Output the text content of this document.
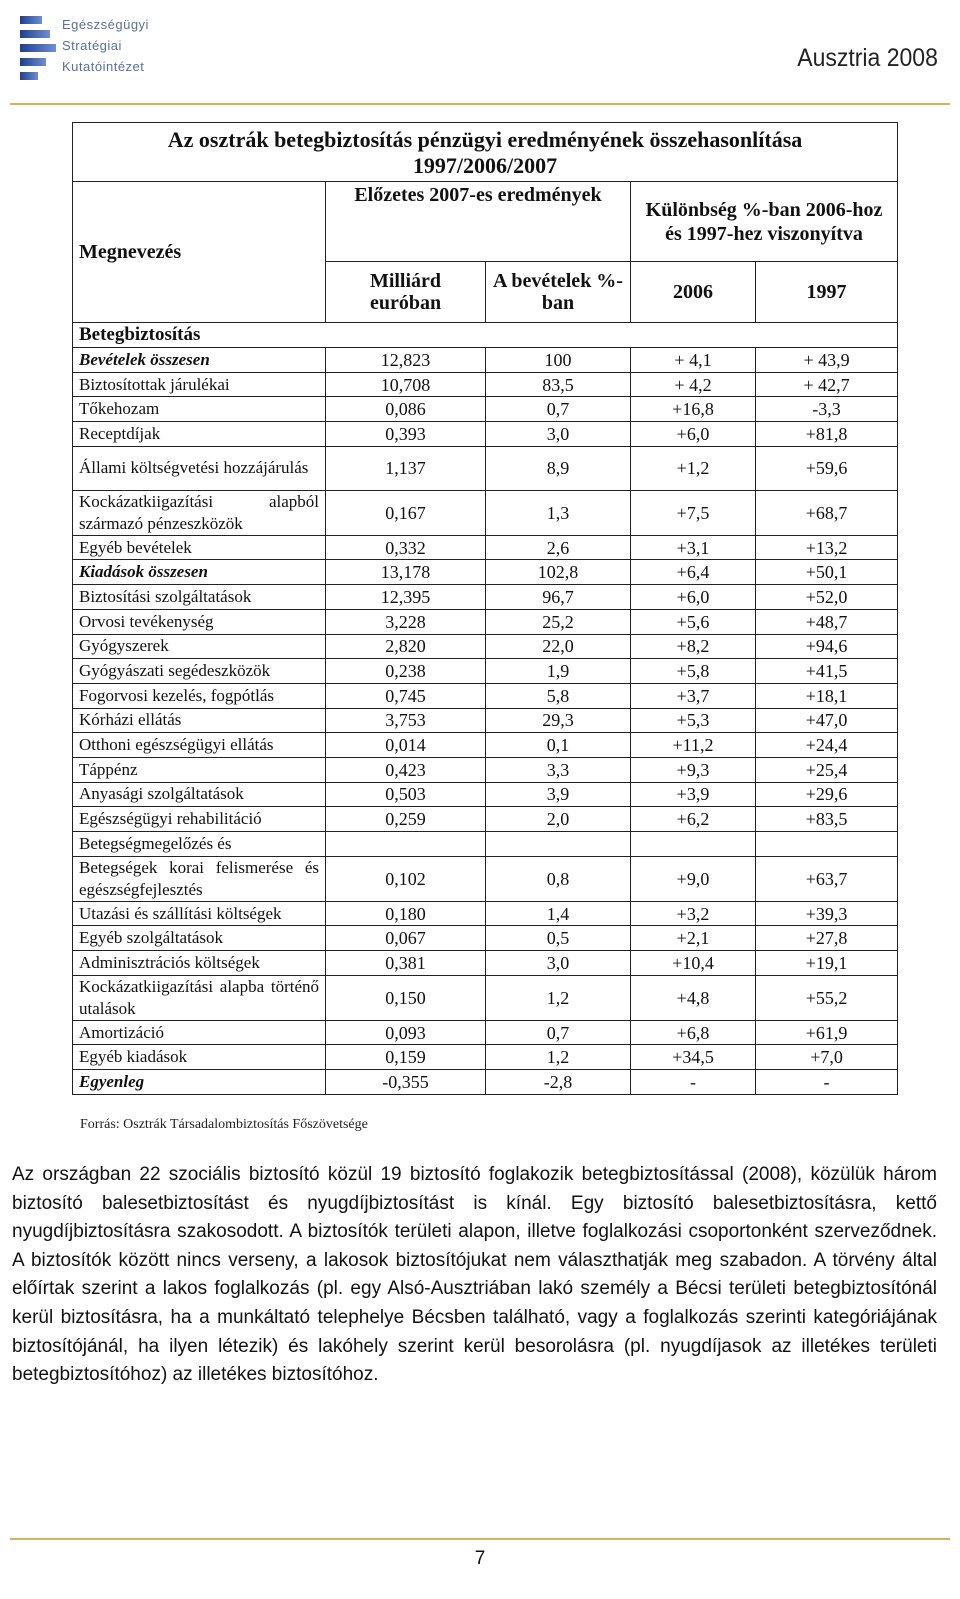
Egészségügyi
Stratégiai
Kutatóintézet	Ausztria 2008
Az osztrák betegbiztosítás pénzügyi eredményének összehasonlítása
1997/2006/2007				

Megnevezés	Előzetes 2007-es eredmények		Különbség %-ban 2006-hoz és 1997-hez viszonyítva	
	Milliárd euróban	A bevételek %-ban	2006	1997
Betegbiztosítás				
Bevételek összesen	12,823	100	+ 4,1	+ 43,9
Biztosítottak járulékai	10,708	83,5	+ 4,2	+ 42,7
Tőkehozam	0,086	0,7	+16,8	-3,3
Receptdíjak	0,393	3,0	+6,0	+81,8
Állami költségvetési hozzájárulás	1,137	8,9	+1,2	+59,6
Kockázatkiigazítási alapból származó pénzeszközök	0,167	1,3	+7,5	+68,7
Egyéb bevételek	0,332	2,6	+3,1	+13,2
Kiadások összesen	13,178	102,8	+6,4	+50,1
Biztosítási szolgáltatások	12,395	96,7	+6,0	+52,0
Orvosi tevékenység	3,228	25,2	+5,6	+48,7
Gyógyszerek	2,820	22,0	+8,2	+94,6
Gyógyászati segédeszközök	0,238	1,9	+5,8	+41,5
Fogorvosi kezelés, fogpótlás	0,745	5,8	+3,7	+18,1
Kórházi ellátás	3,753	29,3	+5,3	+47,0
Otthoni egészségügyi ellátás	0,014	0,1	+11,2	+24,4
Táppénz	0,423	3,3	+9,3	+25,4
Anyasági szolgáltatások	0,503	3,9	+3,9	+29,6
Egészségügyi rehabilitáció	0,259	2,0	+6,2	+83,5
Betegségmegelőzés és				
Betegségek korai felismerése és egészségfejlesztés	0,102	0,8	+9,0	+63,7
Utazási és szállítási költségek	0,180	1,4	+3,2	+39,3
Egyéb szolgáltatások	0,067	0,5	+2,1	+27,8
Adminisztrációs költségek	0,381	3,0	+10,4	+19,1
Kockázatkiigazítási alapba történő utalások	0,150	1,2	+4,8	+55,2
Amortizáció	0,093	0,7	+6,8	+61,9
Egyéb kiadások	0,159	1,2	+34,5	+7,0
Egyenleg	-0,355	-2,8	-	-
Forrás: Osztrák Társadalombiztosítás Főszövetsége
Az országban 22 szociális biztosító közül 19 biztosító foglakozik betegbiztosítással (2008), közülük három biztosító balesetbiztosítást és nyugdíjbiztosítást is kínál. Egy biztosító balesetbiztosításra, kettő nyugdíjbiztosításra szakosodott. A biztosítók területi alapon, illetve foglalkozási csoportonként szerveződnek. A biztosítók között nincs verseny, a lakosok biztosítójukat nem választhatják meg szabadon. A törvény által előírtak szerint a lakos foglalkozás (pl. egy Alsó-Ausztriában lakó személy a Bécsi területi betegbiztosítónál kerül biztosításra, ha a munkáltató telephelye Bécsben található, vagy a foglalkozás szerinti kategóriájának biztosítójánál, ha ilyen létezik) és lakóhely szerint kerül besorolásra (pl. nyugdíjasok az illetékes területi betegbiztosítóhoz) az illetékes biztosítóhoz.
7
